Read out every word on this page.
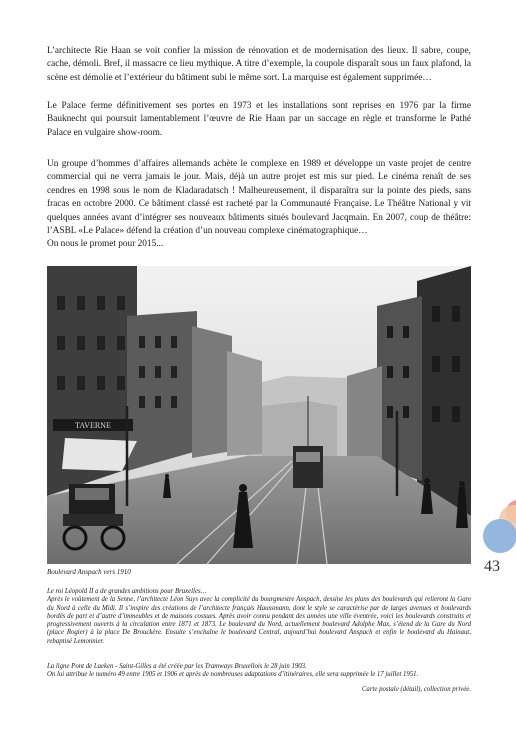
L’architecte Rie Haan se voit confier la mission de rénovation et de modernisation des lieux. Il sabre, coupe, cache, démoli. Bref, il massacre ce lieu mythique. A titre d’exemple, la coupole disparaît sous un faux plafond, la scène est démolie et l’extérieur du bâtiment subi le même sort. La marquise est également supprimée…

Le Palace ferme définitivement ses portes en 1973 et les installations sont reprises en 1976 par la firme Bauknecht qui poursuit lamentablement l’œuvre de Rie Haan par un saccage en règle et transforme le Pathé Palace en vulgaire show-room.

Un groupe d’hommes d’affaires allemands achète le complexe en 1989 et développe un vaste projet de centre commercial qui ne verra jamais le jour. Mais, déjà un autre projet est mis sur pied. Le cinéma renaît de ses cendres en 1998 sous le nom de Kladaradatsch ! Malheureusement, il disparaîtra sur la pointe des pieds, sans fracas en octobre 2000. Ce bâtiment classé est racheté par la Communauté Française. Le Théâtre National y vit quelques années avant d’intégrer ses nouveaux bâtiments situés boulevard Jacqmain. En 2007, coup de théâtre: l’ASBL «Le Palace» défend la création d’un nouveau complexe cinématographique…
On nous le promet pour 2015...
TAVERNE

Boulevard Anspach vers 1910

Le roi Léopold II a de grandes ambitions pour Bruxelles…
Après le voûtement de la Senne, l’architecte Léon Suys avec la complicité du bourgmestre Anspach, dessine les plans des boulevards qui relieront la Gare du Nord à celle du Midi. Il s’inspire des créations de l’architecte français Haussmann, dont le style se caractérise par de larges avenues et boulevards bordés de part et d’autre d’immeubles et de maisons cossues. Après avoir connu pendant des années une ville éventrée, voici les boulevards construits et progressivement ouverts à la circulation entre 1871 et 1873. Le boulevard du Nord, actuellement boulevard Adolphe Max, s’étend de la Gare du Nord (place Rogier) à la place De Brouckère. Ensuite s’enchaîne le boulevard Central, aujourd’hui boulevard Anspach et enfin le boulevard du Hainaut, rebaptisé Lemonnier.
La ligne Pont de Laeken - Saint-Gilles a été créée par les Tramways Bruxellois le 28 juin 1903.
On lui attribue le numéro 49 entre 1905 et 1906 et après de nombreuses adaptations d’itinéraires, elle sera supprimée le 17 juillet 1951.

Carte postale (détail), collection privée.

43
